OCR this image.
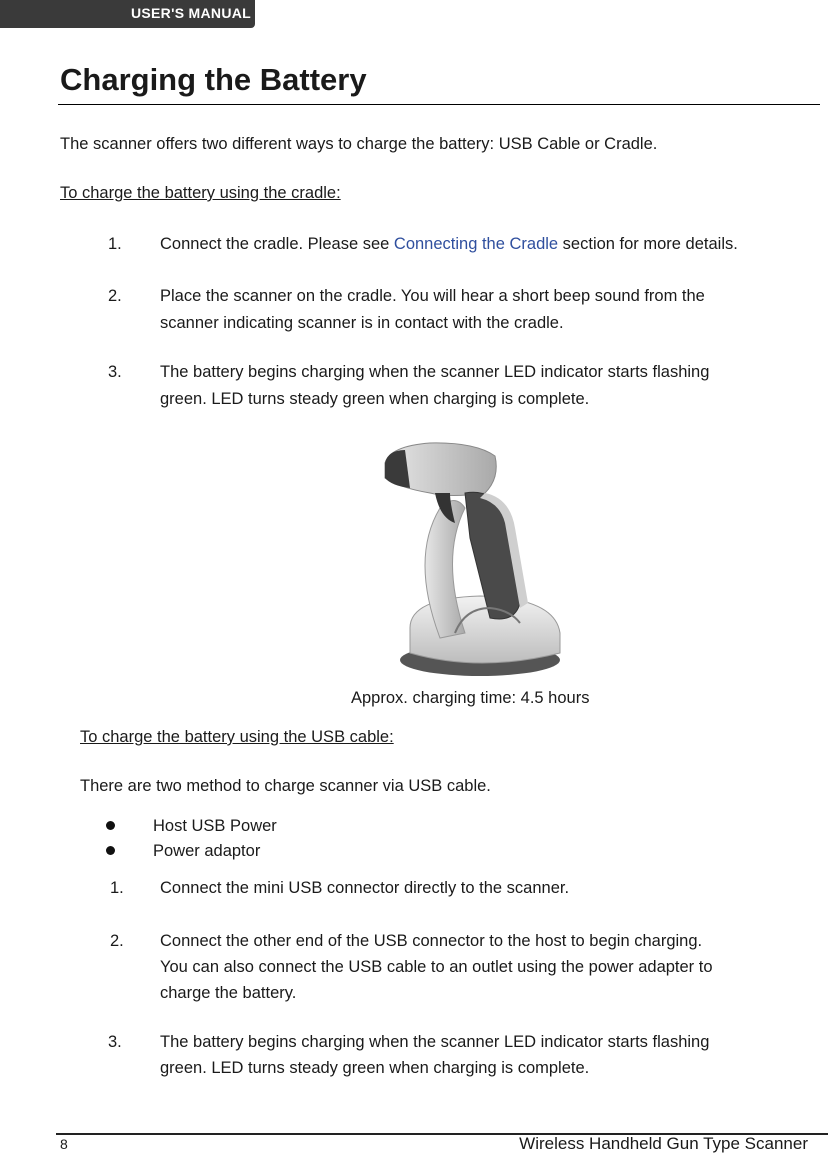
USER'S MANUAL
Charging the Battery
The scanner offers two different ways to charge the battery: USB Cable or Cradle.
To charge the battery using the cradle:
1. Connect the cradle. Please see Connecting the Cradle section for more details.
2. Place the scanner on the cradle. You will hear a short beep sound from the
scanner indicating scanner is in contact with the cradle.
3. The battery begins charging when the scanner LED indicator starts flashing
green. LED turns steady green when charging is complete.
Approx. charging time: 4.5 hours
To charge the battery using the USB cable:
There are two method to charge scanner via USB cable.
Host USB Power
Power adaptor
1. Connect the mini USB connector directly to the scanner.
2. Connect the other end of the USB connector to the host to begin charging.
You can also connect the USB cable to an outlet using the power adapter to
charge the battery.
3. The battery begins charging when the scanner LED indicator starts flashing
green. LED turns steady green when charging is complete.
8	Wireless Handheld Gun Type Scanner
